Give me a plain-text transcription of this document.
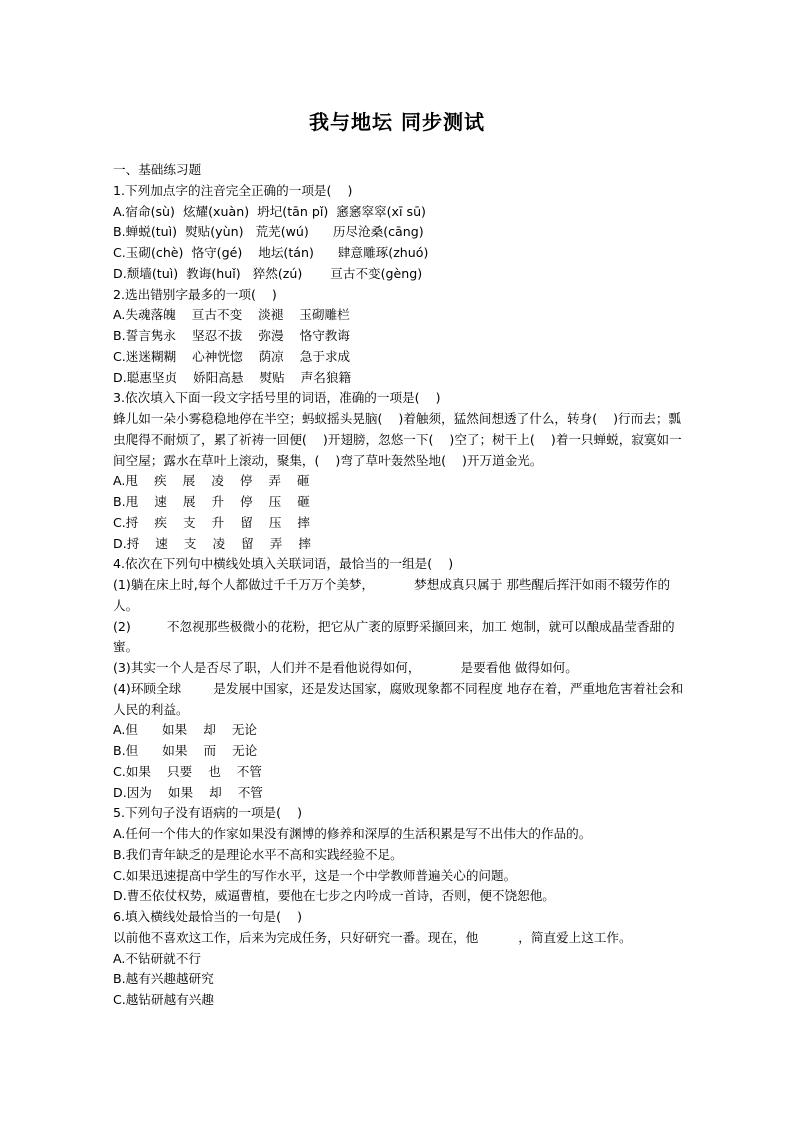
我与地坛 同步测试
一、基础练习题
1.下列加点字的注音完全正确的一项是(    )
A.宿命(sù)  炫耀(xuàn)  坍圮(tān pǐ)  窸窸窣窣(xī sū)
B.蝉蜕(tuì)  熨贴(yùn)   荒芜(wú)      历尽沧桑(cāng)
C.玉砌(chè)  恪守(gé)    地坛(tán)      肆意雕琢(zhuó)
D.颓墙(tuì)  教诲(huǐ)   猝然(zú)       亘古不变(gèng)
2.选出错别字最多的一项(    )
A.失魂落魄    亘古不变    淡褪    玉砌雕栏
B.誓言隽永    坚忍不拔    弥漫    恪守教诲
C.迷迷糊糊    心神恍惚    荫凉    急于求成
D.聪惠坚贞    娇阳高悬    熨贴    声名狼籍
3.依次填入下面一段文字括号里的词语，准确的一项是(    )
蜂儿如一朵小雾稳稳地停在半空；蚂蚁摇头晃脑(    )着触须，猛然间想透了什么，转身(    )行而去；瓢虫爬得不耐烦了，累了祈祷一回便(    )开翅膀，忽悠一下(    )空了；树干上(    )着一只蝉蜕，寂寞如一间空屋；露水在草叶上滚动，聚集，(    )弯了草叶轰然坠地(    )开万道金光。
A.甩    疾    展    凌    停    弄    砸
B.甩    速    展    升    停    压    砸
C.捋    疾    支    升    留    压    摔
D.捋    速    支    凌    留    弄    摔
4.依次在下列句中横线处填入关联词语，最恰当的一组是(    )
(1)躺在床上时,每个人都做过千千万万个美梦，          梦想成真只属于 那些醒后挥汗如雨不辍劳作的人。
(2)         不忽视那些极微小的花粉，把它从广袤的原野采撷回来，加工 炮制，就可以酿成晶莹香甜的蜜。
(3)其实一个人是否尽了职，人们并不是看他说得如何，          是要看他 做得如何。
(4)环顾全球        是发展中国家，还是发达国家，腐败现象都不同程度 地存在着，严重地危害着社会和人民的利益。
A.但      如果    却    无论
B.但      如果    而    无论
C.如果    只要    也    不管
D.因为    如果    却    不管
5.下列句子没有语病的一项是(    )
A.任何一个伟大的作家如果没有渊博的修养和深厚的生活积累是写不出伟大的作品的。
B.我们青年缺乏的是理论水平不高和实践经验不足。
C.如果迅速提高中学生的写作水平，这是一个中学教师普遍关心的问题。
D.曹丕依仗权势，威逼曹植，要他在七步之内吟成一首诗，否则，便不饶恕他。
6.填入横线处最恰当的一句是(    )
以前他不喜欢这工作，后来为完成任务，只好研究一番。现在，他          ，简直爱上这工作。
A.不钻研就不行
B.越有兴趣越研究
C.越钻研越有兴趣
